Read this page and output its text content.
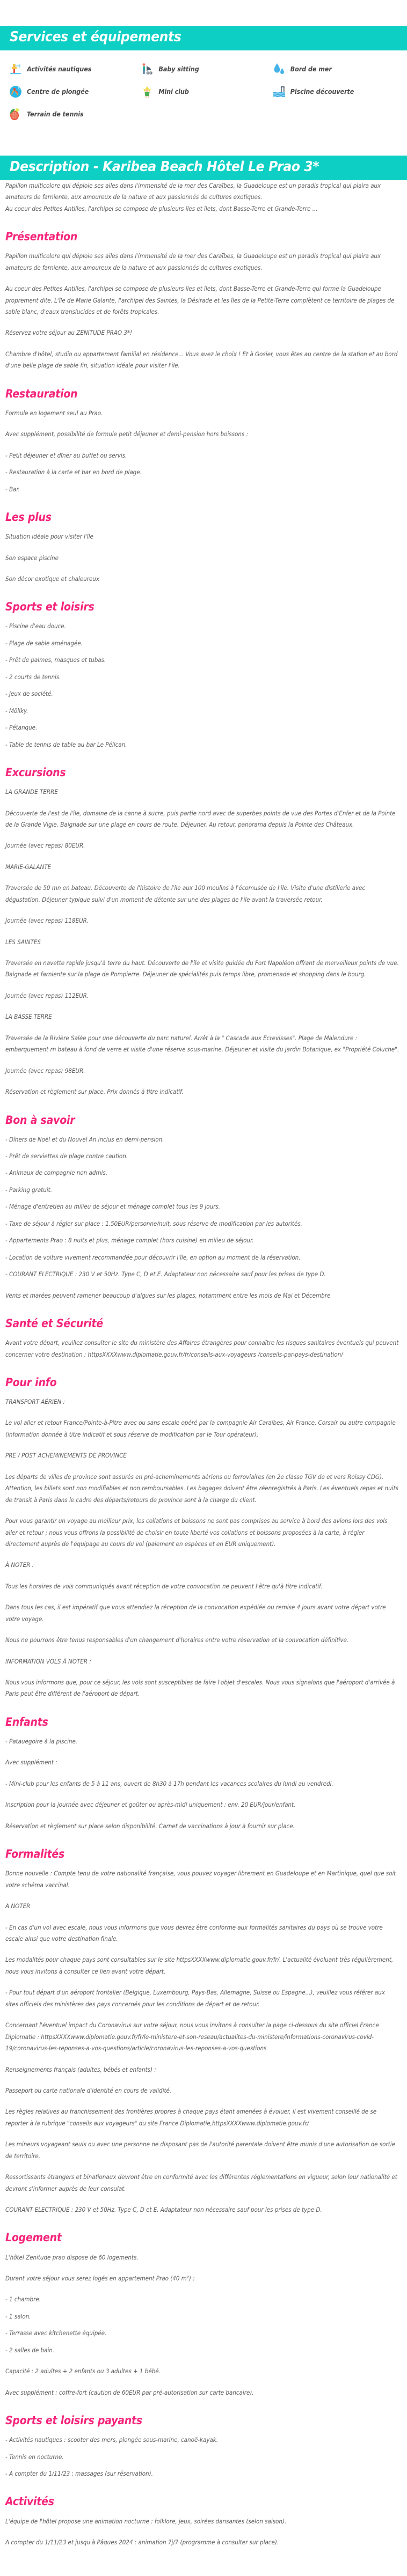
Services et équipements
Activités nautiques	Baby sitting	Bord de mer
Centre de plongée	Mini club	Piscine découverte
Terrain de tennis
Description - Karibea Beach Hôtel Le Prao 3*

Papillon multicolore qui déploie ses ailes dans l'immensité de la mer des Caraïbes, la Guadeloupe est un paradis tropical qui plaira aux amateurs de farniente, aux amoureux de la nature et aux passionnés de cultures exotiques.

Au coeur des Petites Antilles, l'archipel se compose de plusieurs îles et îlets, dont Basse-Terre et Grande-Terre ...

Présentation

Papillon multicolore qui déploie ses ailes dans l'immensité de la mer des Caraïbes, la Guadeloupe est un paradis tropical qui plaira aux amateurs de farniente, aux amoureux de la nature et aux passionnés de cultures exotiques.

Au coeur des Petites Antilles, l'archipel se compose de plusieurs îles et îlets, dont Basse-Terre et Grande-Terre qui forme la Guadeloupe proprement dite. L'île de Marie Galante, l'archipel des Saintes, la Désirade et les îles de la Petite-Terre complètent ce territoire de plages de sable blanc, d'eaux translucides et de forêts tropicales.

Réservez votre séjour au ZENITUDE PRAO 3*!

Chambre d'hôtel, studio ou appartement familial en résidence... Vous avez le choix ! Et à Gosier, vous êtes au centre de la station et au bord d'une belle plage de sable fin, situation idéale pour visiter l'île.

Restauration

Formule en logement seul au Prao.

Avec supplément, possibilité de formule petit déjeuner et demi-pension hors boissons :

- Petit déjeuner et dîner au buffet ou servis.

- Restauration à la carte et bar en bord de plage.

- Bar.

Les plus

Situation idéale pour visiter l'île

Son espace piscine

Son décor exotique et chaleureux

Sports et loisirs

- Piscine d'eau douce.

- Plage de sable aménagée.

- Prêt de palmes, masques et tubas.

- 2 courts de tennis.

- Jeux de société.

- Möllky.

- Pétanque.

- Table de tennis de table au bar Le Pélican.

Excursions

LA GRANDE TERRE

Découverte de l'est de l'île, domaine de la canne à sucre, puis partie nord avec de superbes points de vue des Portes d'Enfer et de la Pointe de la Grande Vigie. Baignade sur une plage en cours de route. Déjeuner. Au retour, panorama depuis la Pointe des Châteaux.

Journée (avec repas) 80EUR.

MARIE-GALANTE

Traversée de 50 mn en bateau. Découverte de l'histoire de l'île aux 100 moulins à l'écomusée de l'île. Visite d'une distillerie avec dégustation. Déjeuner typique suivi d'un moment de détente sur une des plages de l'île avant la traversée retour.

Journée (avec repas) 118EUR.

LES SAINTES

Traversée en navette rapide jusqu'à terre du haut. Découverte de l'île et visite guidée du Fort Napoléon offrant de merveilleux points de vue. Baignade et farniente sur la plage de Pompierre. Déjeuner de spécialités puis temps libre, promenade et shopping dans le bourg.

Journée (avec repas) 112EUR.

LA BASSE TERRE

Traversée de la Rivière Salée pour une découverte du parc naturel. Arrêt à la " Cascade aux Ecrevisses". Plage de Malendure : embarquement rn bateau à fond de verre et visite d'une réserve sous-marine. Déjeuner et visite du jardin Botanique, ex "Propriété Coluche".

Journée (avec repas) 98EUR.

Réservation et règlement sur place. Prix donnés à titre indicatif.

Bon à savoir

- Dîners de Noël et du Nouvel An inclus en demi-pension.

- Prêt de serviettes de plage contre caution.

- Animaux de compagnie non admis.

- Parking gratuit.

- Ménage d'entretien au milieu de séjour et ménage complet tous les 9 jours.

- Taxe de séjour à régler sur place : 1.50EUR/personne/nuit, sous réserve de modification par les autorités.

- Appartements Prao : 8 nuits et plus, ménage complet (hors cuisine) en milieu de séjour.

- Location de voiture vivement recommandée pour découvrir l'île, en option au moment de la réservation.

- COURANT ELECTRIQUE : 230 V et 50Hz. Type C, D et E. Adaptateur non nécessaire sauf pour les prises de type D.

Vents et marées peuvent ramener beaucoup d'algues sur les plages, notamment entre les mois de Mai et Décembre

Santé et Sécurité

Avant votre départ, veuillez consulter le site du ministère des Affaires étrangères pour connaître les risques sanitaires éventuels qui peuvent concerner votre destination : httpsXXXXwww.diplomatie.gouv.fr/fr/conseils-aux-voyageurs /conseils-par-pays-destination/

Pour info

TRANSPORT AÉRIEN :

Le vol aller et retour France/Pointe-à-Pitre avec ou sans escale opéré par la compagnie Air Caraïbes, Air France, Corsair ou autre compagnie (information donnée à titre indicatif et sous réserve de modification par le Tour opérateur),

PRE / POST ACHEMINEMENTS DE PROVINCE

Les départs de villes de province sont assurés en pré-acheminements aériens ou ferroviaires (en 2e classe TGV de et vers Roissy CDG). Attention, les billets sont non modifiables et non remboursables. Les bagages doivent être réenregistrés à Paris. Les éventuels repas et nuits de transit à Paris dans le cadre des départs/retours de province sont à la charge du client.

Pour vous garantir un voyage au meilleur prix, les collations et boissons ne sont pas comprises au service à bord des avions lors des vols aller et retour ; nous vous offrons la possibilité de choisir en toute liberté vos collations et boissons proposées à la carte, à régler directement auprès de l'équipage au cours du vol (paiement en espèces et en EUR uniquement).

À NOTER :

Tous les horaires de vols communiqués avant réception de votre convocation ne peuvent l'être qu'à titre indicatif.

Dans tous les cas, il est impératif que vous attendiez la réception de la convocation expédiée ou remise 4 jours avant votre départ votre votre voyage.

Nous ne pourrons être tenus responsables d'un changement d'horaires entre votre réservation et la convocation définitive.

INFORMATION VOLS À NOTER :

Nous vous informons que, pour ce séjour, les vols sont susceptibles de faire l'objet d'escales. Nous vous signalons que l'aéroport d'arrivée à Paris peut être différent de l'aéroport de départ.

Enfants

- Patauegoire à la piscine.

Avec supplément :

- Mini-club pour les enfants de 5 à 11 ans, ouvert de 8h30 à 17h pendant les vacances scolaires du lundi au vendredi.

Inscription pour la journée avec déjeuner et goûter ou après-midi uniquement : env. 20 EUR/jour/enfant.

Réservation et règlement sur place selon disponibilité. Carnet de vaccinations à jour à fournir sur place.

Formalités

Bonne nouvelle : Compte tenu de votre nationalité française, vous pouvez voyager librement en Guadeloupe et en Martinique, quel que soit votre schéma vaccinal.

A NOTER

- En cas d'un vol avec escale, nous vous informons que vous devrez être conforme aux formalités sanitaires du pays où se trouve votre escale ainsi que votre destination finale.

Les modalités pour chaque pays sont consultables sur le site httpsXXXXwww.diplomatie.gouv.fr/fr/. L'actualité évoluant très régulièrement, nous vous invitons à consulter ce lien avant votre départ.

- Pour tout départ d'un aéroport frontalier (Belgique, Luxembourg, Pays-Bas, Allemagne, Suisse ou Espagne...), veuillez vous référer aux sites officiels des ministères des pays concernés pour les conditions de départ et de retour.

Concernant l'éventuel impact du Coronavirus sur votre séjour, nous vous invitons à consulter la page ci-dessous du site officiel France Diplomatie : httpsXXXXwww.diplomatie.gouv.fr/fr/le-ministere-et-son-reseau/actualites-du-ministere/informations-coronavirus-covid-19/coronavirus-les-reponses-a-vos-questions/article/coronavirus-les-reponses-a-vos-questions

Renseignements français (adultes, bébés et enfants) :

Passeport ou carte nationale d'identité en cours de validité.

Les règles relatives au franchissement des frontières propres à chaque pays étant amenées à évoluer, il est vivement conseillé de se reporter à la rubrique "conseils aux voyageurs" du site France Diplomatie,httpsXXXXwww.diplomatie.gouv.fr/

Les mineurs voyageant seuls ou avec une personne ne disposant pas de l'autorité parentale doivent être munis d'une autorisation de sortie de territoire.

Ressortissants étrangers et binationaux devront être en conformité avec les différentes réglementations en vigueur, selon leur nationalité et devront s'informer auprès de leur consulat.

COURANT ELECTRIQUE : 230 V et 50Hz. Type C, D et E. Adaptateur non nécessaire sauf pour les prises de type D.

Logement

L'hôtel Zenitude prao dispose de 60 logements.

Durant votre séjour vous serez logés en appartement Prao (40 m²) :

- 1 chambre.

- 1 salon.

- Terrasse avec kitchenette équipée.

- 2 salles de bain.

Capacité : 2 adultes + 2 enfants ou 3 adultes + 1 bébé.

Avec supplément : coffre-fort (caution de 60EUR par pré-autorisation sur carte bancaire).

Sports et loisirs payants

- Activités nautiques : scooter des mers, plongée sous-marine, canoë-kayak.

- Tennis en nocturne.

- A compter du 1/11/23 : massages (sur réservation).

Activités

L'équipe de l'hôtel propose une animation nocturne : folklore, jeux, soirées dansantes (selon saison).

A compter du 1/11/23 et jusqu'à Pâques 2024 : animation 7j/7 (programme à consulter sur place).
